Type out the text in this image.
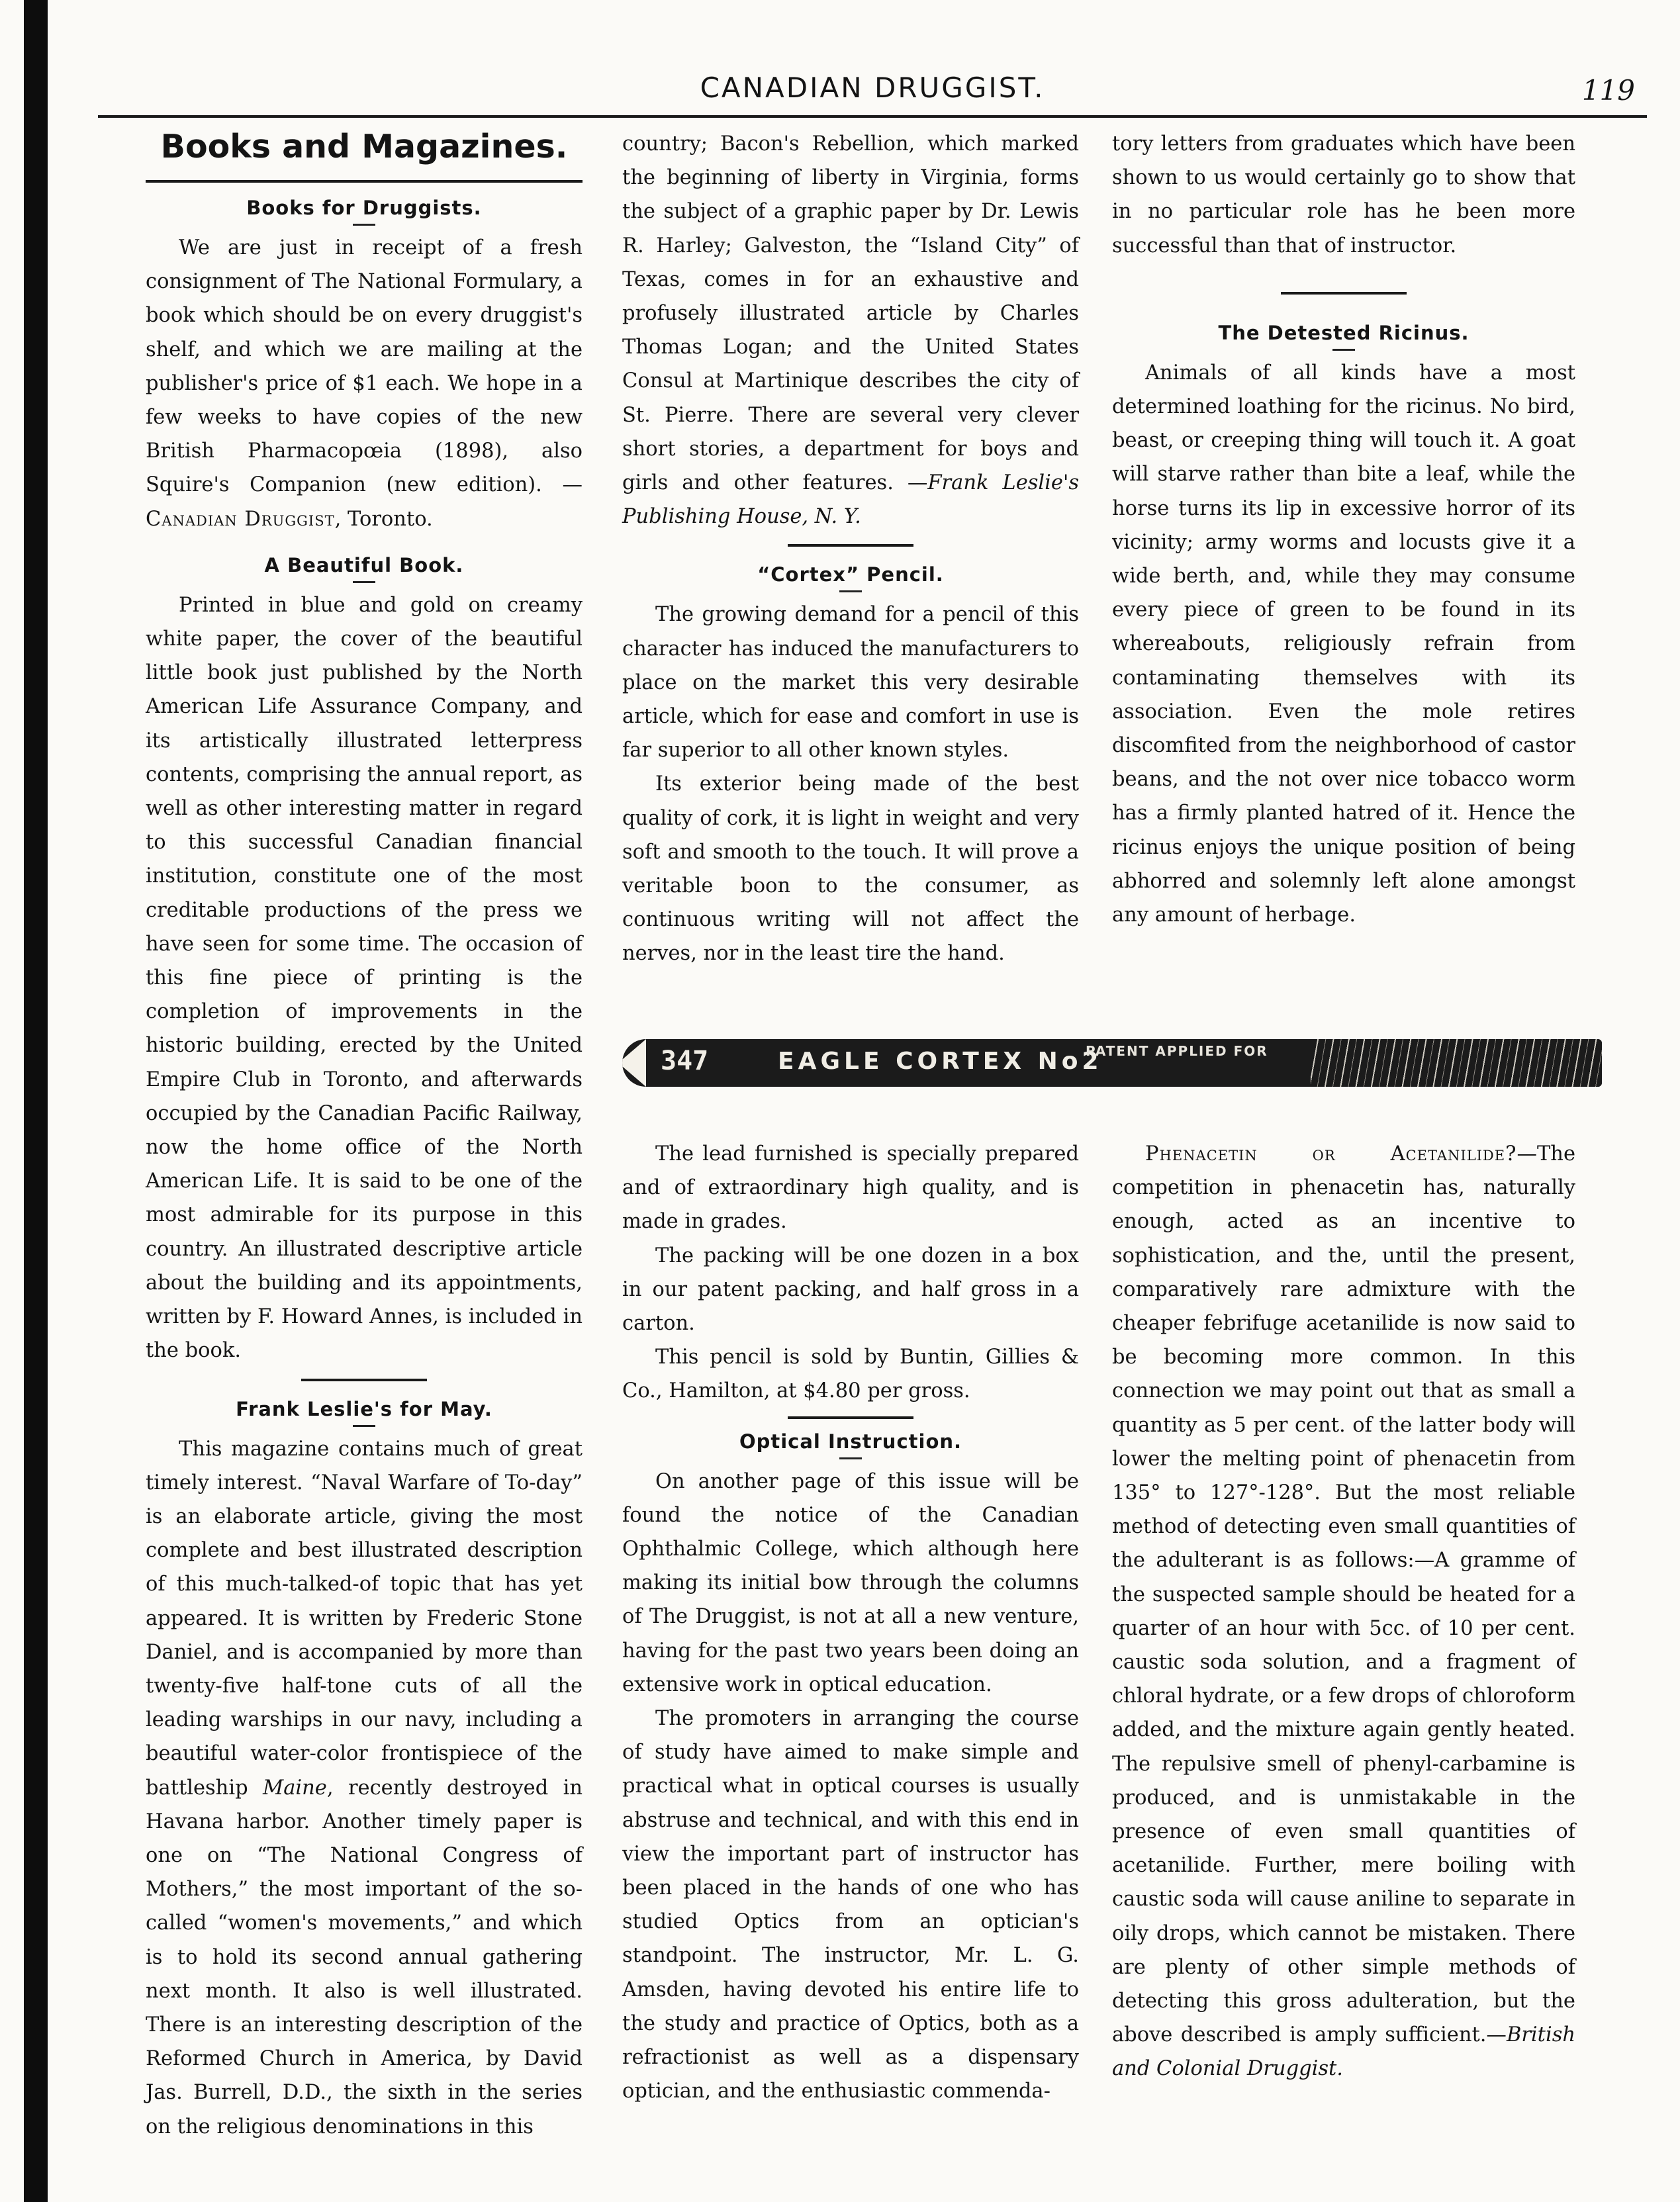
CANADIAN DRUGGIST.	119
Books and Magazines.
Books for Druggists.

We are just in receipt of a fresh consignment of The National Formulary, a book which should be on every druggist's shelf, and which we are mailing at the publisher's price of $1 each. We hope in a few weeks to have copies of the new British Pharmacopœia (1898), also Squire's Companion (new edition). —Canadian Druggist, Toronto.

A Beautiful Book.

Printed in blue and gold on creamy white paper, the cover of the beautiful little book just published by the North American Life Assurance Company, and its artistically illustrated letterpress contents, comprising the annual report, as well as other interesting matter in regard to this successful Canadian financial institution, constitute one of the most creditable productions of the press we have seen for some time. The occasion of this fine piece of printing is the completion of improvements in the historic building, erected by the United Empire Club in Toronto, and afterwards occupied by the Canadian Pacific Railway, now the home office of the North American Life. It is said to be one of the most admirable for its purpose in this country. An illustrated descriptive article about the building and its appointments, written by F. Howard Annes, is included in the book.

Frank Leslie's for May.

This magazine contains much of great timely interest. “Naval Warfare of To-day” is an elaborate article, giving the most complete and best illustrated description of this much-talked-of topic that has yet appeared. It is written by Frederic Stone Daniel, and is accompanied by more than twenty-five half-tone cuts of all the leading warships in our navy, including a beautiful water-color frontispiece of the battleship Maine, recently destroyed in Havana harbor. Another timely paper is one on “The National Congress of Mothers,” the most important of the so-called “women's movements,” and which is to hold its second annual gathering next month. It also is well illustrated. There is an interesting description of the Reformed Church in America, by David Jas. Burrell, D.D., the sixth in the series on the religious denominations in this

country; Bacon's Rebellion, which marked the beginning of liberty in Virginia, forms the subject of a graphic paper by Dr. Lewis R. Harley; Galveston, the “Island City” of Texas, comes in for an exhaustive and profusely illustrated article by Charles Thomas Logan; and the United States Consul at Martinique describes the city of St. Pierre. There are several very clever short stories, a department for boys and girls and other features. —Frank Leslie's Publishing House, N. Y.

“Cortex” Pencil.

The growing demand for a pencil of this character has induced the manufacturers to place on the market this very desirable article, which for ease and comfort in use is far superior to all other known styles.

Its exterior being made of the best quality of cork, it is light in weight and very soft and smooth to the touch. It will prove a veritable boon to the consumer, as continuous writing will not affect the nerves, nor in the least tire the hand.

tory letters from graduates which have been shown to us would certainly go to show that in no particular role has he been more successful than that of instructor.

The Detested Ricinus.

Animals of all kinds have a most determined loathing for the ricinus. No bird, beast, or creeping thing will touch it. A goat will starve rather than bite a leaf, while the horse turns its lip in excessive horror of its vicinity; army worms and locusts give it a wide berth, and, while they may consume every piece of green to be found in its whereabouts, religiously refrain from contaminating themselves with its association. Even the mole retires discomfited from the neighborhood of castor beans, and the not over nice tobacco worm has a firmly planted hatred of it. Hence the ricinus enjoys the unique position of being abhorred and solemnly left alone amongst any amount of herbage.

347	EAGLE CORTEX No2
PATENT APPLIED FOR

The lead furnished is specially prepared and of extraordinary high quality, and is made in grades.

The packing will be one dozen in a box in our patent packing, and half gross in a carton.

This pencil is sold by Buntin, Gillies & Co., Hamilton, at $4.80 per gross.

Optical Instruction.

On another page of this issue will be found the notice of the Canadian Ophthalmic College, which although here making its initial bow through the columns of The Druggist, is not at all a new venture, having for the past two years been doing an extensive work in optical education.

The promoters in arranging the course of study have aimed to make simple and practical what in optical courses is usually abstruse and technical, and with this end in view the important part of instructor has been placed in the hands of one who has studied Optics from an optician's standpoint. The instructor, Mr. L. G. Amsden, having devoted his entire life to the study and practice of Optics, both as a refractionist as well as a dispensary optician, and the enthusiastic commenda-

Phenacetin or Acetanilide?—The competition in phenacetin has, naturally enough, acted as an incentive to sophistication, and the, until the present, comparatively rare admixture with the cheaper febrifuge acetanilide is now said to be becoming more common. In this connection we may point out that as small a quantity as 5 per cent. of the latter body will lower the melting point of phenacetin from 135° to 127°-128°. But the most reliable method of detecting even small quantities of the adulterant is as follows:—A gramme of the suspected sample should be heated for a quarter of an hour with 5cc. of 10 per cent. caustic soda solution, and a fragment of chloral hydrate, or a few drops of chloroform added, and the mixture again gently heated. The repulsive smell of phenyl-carbamine is produced, and is unmistakable in the presence of even small quantities of acetanilide. Further, mere boiling with caustic soda will cause aniline to separate in oily drops, which cannot be mistaken. There are plenty of other simple methods of detecting this gross adulteration, but the above described is amply sufficient.—British and Colonial Druggist.
